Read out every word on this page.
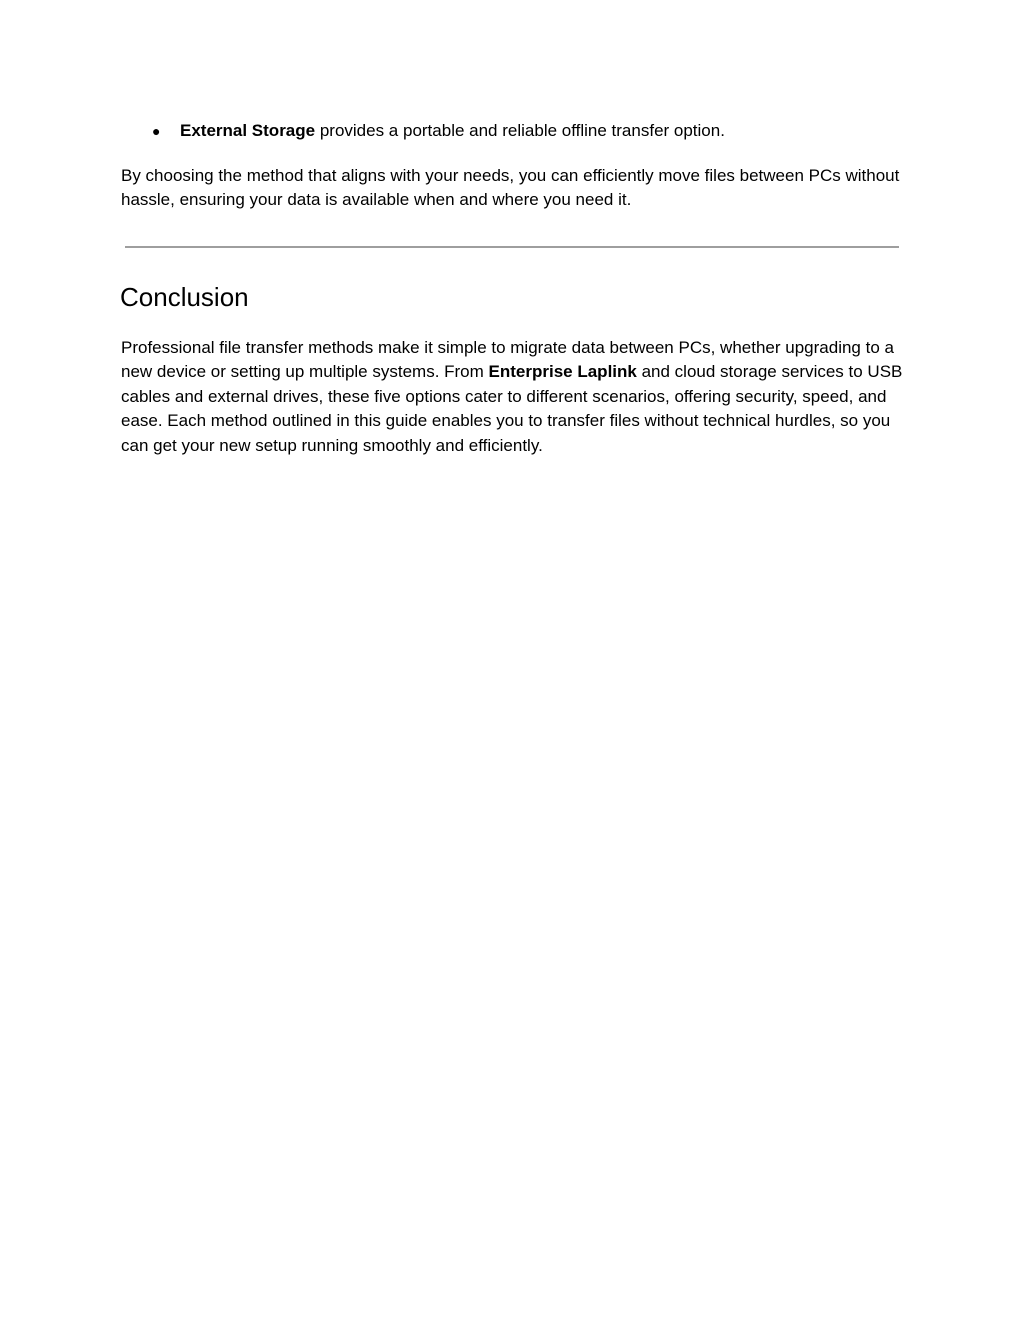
● External Storage provides a portable and reliable offline transfer option.

By choosing the method that aligns with your needs, you can efficiently move files between PCs without hassle, ensuring your data is available when and where you need it.

Conclusion

Professional file transfer methods make it simple to migrate data between PCs, whether upgrading to a new device or setting up multiple systems. From Enterprise Laplink and cloud storage services to USB cables and external drives, these five options cater to different scenarios, offering security, speed, and ease. Each method outlined in this guide enables you to transfer files without technical hurdles, so you can get your new setup running smoothly and efficiently.
